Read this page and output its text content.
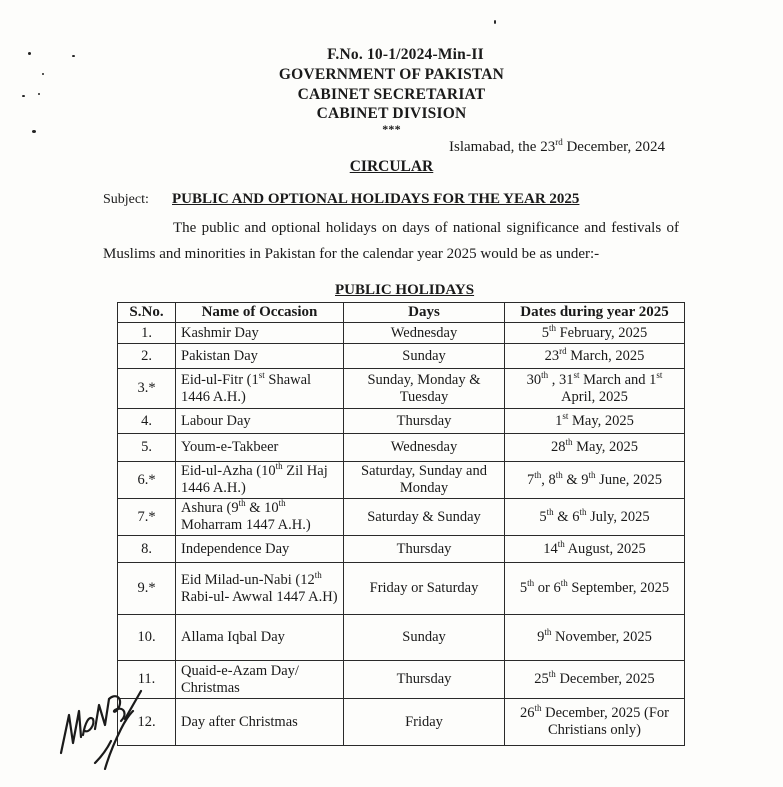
F.No. 10-1/2024-Min-II
GOVERNMENT OF PAKISTAN
CABINET SECRETARIAT
CABINET DIVISION
***
Islamabad, the 23rd December, 2024
CIRCULAR
Subject: PUBLIC AND OPTIONAL HOLIDAYS FOR THE YEAR 2025
The public and optional holidays on days of national significance and festivals of Muslims and minorities in Pakistan for the calendar year 2025 would be as under:-
PUBLIC HOLIDAYS
S.No.	Name of Occasion	Days	Dates during year 2025
1.	Kashmir Day	Wednesday	5th February, 2025
2.	Pakistan Day	Sunday	23rd March, 2025
3.*	Eid-ul-Fitr (1st Shawal 1446 A.H.)	Sunday, Monday & Tuesday	30th , 31st March and 1st April, 2025
4.	Labour Day	Thursday	1st May, 2025
5.	Youm-e-Takbeer	Wednesday	28th May, 2025
6.*	Eid-ul-Azha (10th Zil Haj 1446 A.H.)	Saturday, Sunday and Monday	7th, 8th & 9th June, 2025
7.*	Ashura (9th & 10th Moharram 1447 A.H.)	Saturday & Sunday	5th & 6th July, 2025
8.	Independence Day	Thursday	14th August, 2025
9.*	Eid Milad-un-Nabi (12th Rabi-ul- Awwal 1447 A.H)	Friday or Saturday	5th or 6th September, 2025
10.	Allama Iqbal Day	Sunday	9th November, 2025
11.	Quaid-e-Azam Day/ Christmas	Thursday	25th December, 2025
12.	Day after Christmas	Friday	26th December, 2025 (For Christians only)
